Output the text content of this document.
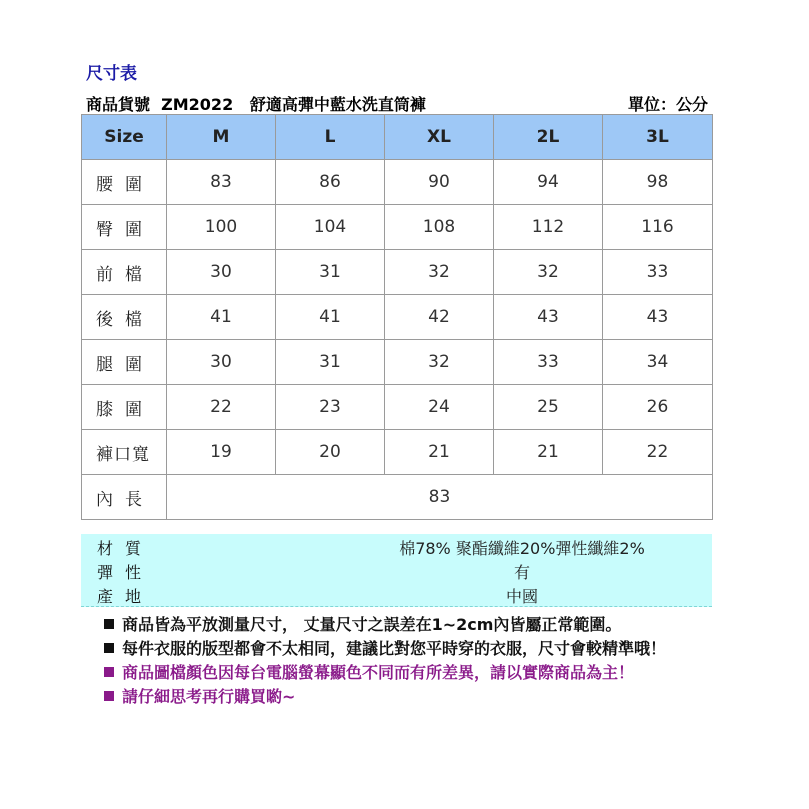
尺寸表
商品貨號  ZM2022   舒適高彈中藍水洗直筒褲	單位：公分
Size	M	L	XL	2L	3L
腰圍	83	86	90	94	98
臀圍	100	104	108	112	116
前檔	30	31	32	32	33
後檔	41	41	42	43	43
腿圍	30	31	32	33	34
膝圍	22	23	24	25	26
褲口寬	19	20	21	21	22
內長	83				
材質	棉78% 聚酯纖維20%彈性纖維2%
彈性	有
產地	中國
商品皆為平放測量尺寸， 丈量尺寸之誤差在1~2cm內皆屬正常範圍。
每件衣服的版型都會不太相同，建議比對您平時穿的衣服，尺寸會較精準哦！
商品圖檔顏色因每台電腦螢幕顯色不同而有所差異，請以實際商品為主！
請仔細思考再行購買喲~
